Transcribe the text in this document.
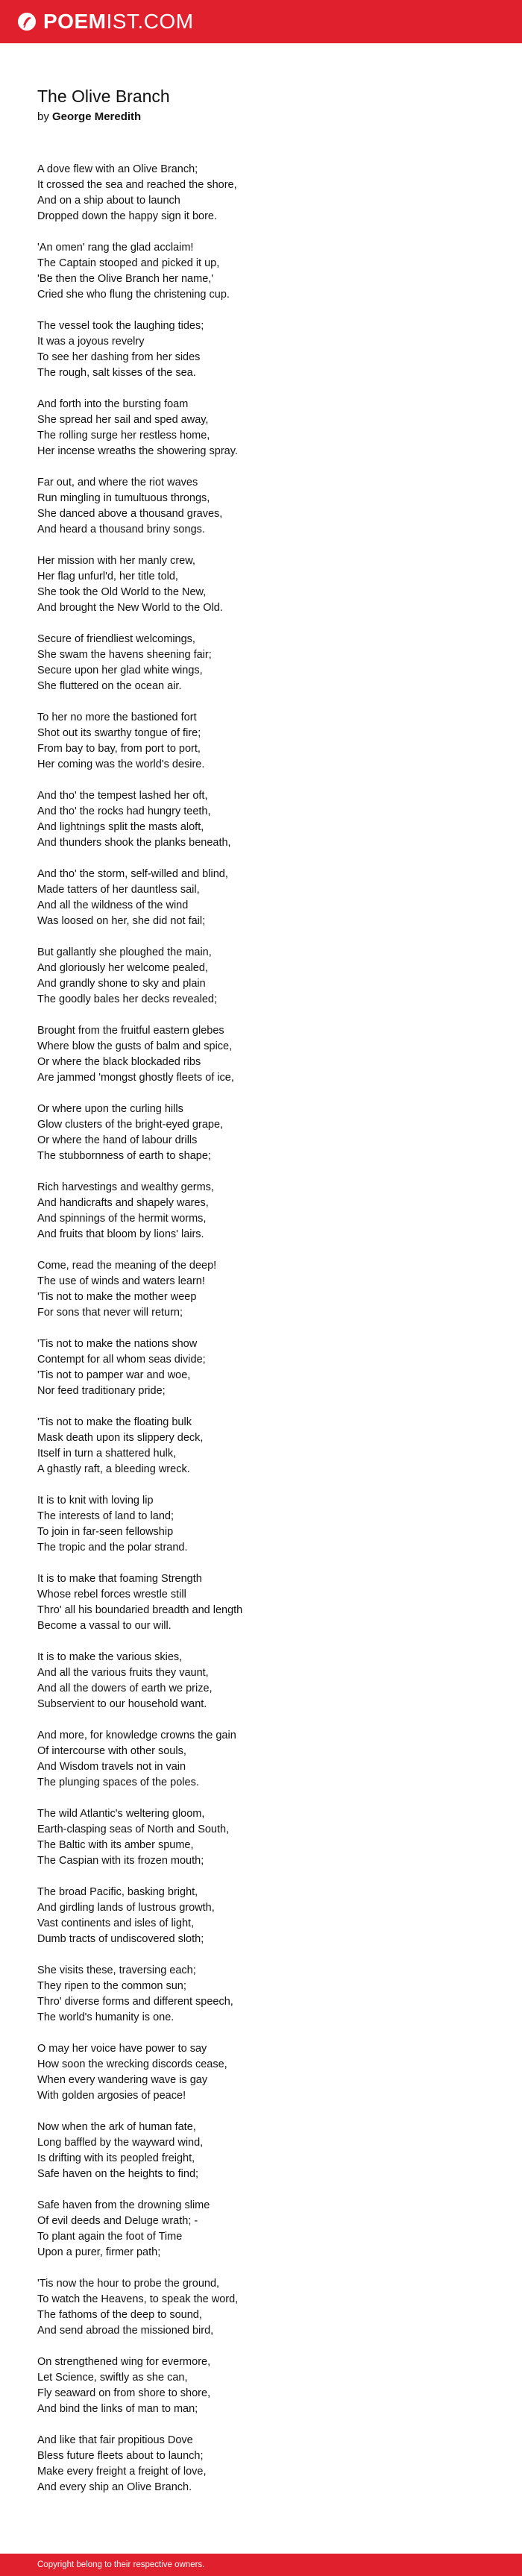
POEMIST.COM
The Olive Branch

by George Meredith

A dove flew with an Olive Branch;
It crossed the sea and reached the shore,
And on a ship about to launch
Dropped down the happy sign it bore.
'An omen' rang the glad acclaim!
The Captain stooped and picked it up,
'Be then the Olive Branch her name,'
Cried she who flung the christening cup.
The vessel took the laughing tides;
It was a joyous revelry
To see her dashing from her sides
The rough, salt kisses of the sea.
And forth into the bursting foam
She spread her sail and sped away,
The rolling surge her restless home,
Her incense wreaths the showering spray.
Far out, and where the riot waves
Run mingling in tumultuous throngs,
She danced above a thousand graves,
And heard a thousand briny songs.
Her mission with her manly crew,
Her flag unfurl'd, her title told,
She took the Old World to the New,
And brought the New World to the Old.
Secure of friendliest welcomings,
She swam the havens sheening fair;
Secure upon her glad white wings,
She fluttered on the ocean air.
To her no more the bastioned fort
Shot out its swarthy tongue of fire;
From bay to bay, from port to port,
Her coming was the world's desire.
And tho' the tempest lashed her oft,
And tho' the rocks had hungry teeth,
And lightnings split the masts aloft,
And thunders shook the planks beneath,
And tho' the storm, self-willed and blind,
Made tatters of her dauntless sail,
And all the wildness of the wind
Was loosed on her, she did not fail;
But gallantly she ploughed the main,
And gloriously her welcome pealed,
And grandly shone to sky and plain
The goodly bales her decks revealed;
Brought from the fruitful eastern glebes
Where blow the gusts of balm and spice,
Or where the black blockaded ribs
Are jammed 'mongst ghostly fleets of ice,
Or where upon the curling hills
Glow clusters of the bright-eyed grape,
Or where the hand of labour drills
The stubbornness of earth to shape;
Rich harvestings and wealthy germs,
And handicrafts and shapely wares,
And spinnings of the hermit worms,
And fruits that bloom by lions' lairs.
Come, read the meaning of the deep!
The use of winds and waters learn!
'Tis not to make the mother weep
For sons that never will return;
'Tis not to make the nations show
Contempt for all whom seas divide;
'Tis not to pamper war and woe,
Nor feed traditionary pride;
'Tis not to make the floating bulk
Mask death upon its slippery deck,
Itself in turn a shattered hulk,
A ghastly raft, a bleeding wreck.
It is to knit with loving lip
The interests of land to land;
To join in far-seen fellowship
The tropic and the polar strand.
It is to make that foaming Strength
Whose rebel forces wrestle still
Thro' all his boundaried breadth and length
Become a vassal to our will.
It is to make the various skies,
And all the various fruits they vaunt,
And all the dowers of earth we prize,
Subservient to our household want.
And more, for knowledge crowns the gain
Of intercourse with other souls,
And Wisdom travels not in vain
The plunging spaces of the poles.
The wild Atlantic's weltering gloom,
Earth-clasping seas of North and South,
The Baltic with its amber spume,
The Caspian with its frozen mouth;
The broad Pacific, basking bright,
And girdling lands of lustrous growth,
Vast continents and isles of light,
Dumb tracts of undiscovered sloth;
She visits these, traversing each;
They ripen to the common sun;
Thro' diverse forms and different speech,
The world's humanity is one.
O may her voice have power to say
How soon the wrecking discords cease,
When every wandering wave is gay
With golden argosies of peace!
Now when the ark of human fate,
Long baffled by the wayward wind,
Is drifting with its peopled freight,
Safe haven on the heights to find;
Safe haven from the drowning slime
Of evil deeds and Deluge wrath; -
To plant again the foot of Time
Upon a purer, firmer path;
'Tis now the hour to probe the ground,
To watch the Heavens, to speak the word,
The fathoms of the deep to sound,
And send abroad the missioned bird,
On strengthened wing for evermore,
Let Science, swiftly as she can,
Fly seaward on from shore to shore,
And bind the links of man to man;
And like that fair propitious Dove
Bless future fleets about to launch;
Make every freight a freight of love,
And every ship an Olive Branch.
Copyright belong to their respective owners.
